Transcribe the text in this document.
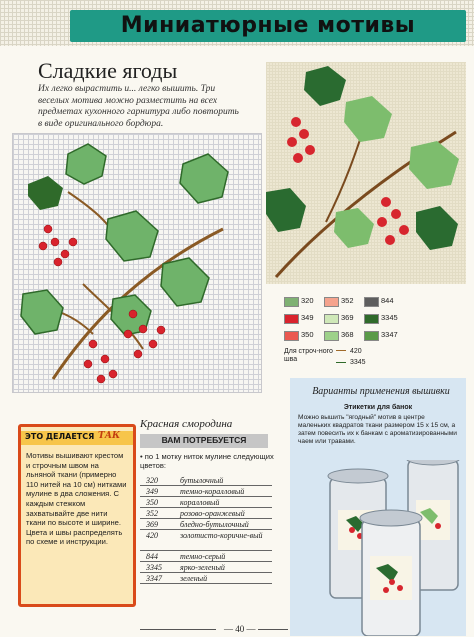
Миниатюрные мотивы
Сладкие ягоды
Их легко вырастить и... легко вышить. Три веселых мотива можно разместить на всех предметах кухонного гарнитура либо повторить в виде оригинального бордюра.
320	352	844
349	369	3345
350	368	3347
Для строч-ного шва
420
3345
Варианты применения вышивки
Этикетки для банок
Можно вышить "ягодный" мотив в центре маленьких квадратов ткани размером 15 х 15 см, а затем повесить их к банкам с ароматизированными чаем или травами.
ЭТО ДЕЛАЕТСЯ ТАК
Мотивы вышивают крестом и строчным швом на льняной ткани (примерно 110 нитей на 10 см) нитками мулине в два сложения. С каждым стежком захватывайте две нити ткани по высоте и ширине. Цвета и швы распределять по схеме и инструкции.
Красная смородина
ВАМ ПОТРЕБУЕТСЯ
• по 1 мотку ниток мулине следующих цветов:
320	бутылочный
349	темно-коралловый
350	коралловый
352	розово-оранжевый
369	бледно-бутылочный
420	золотисто-коричне-вый
844	темно-серый
3345 ярко-зеленый
3347 зеленый
— 40 —
